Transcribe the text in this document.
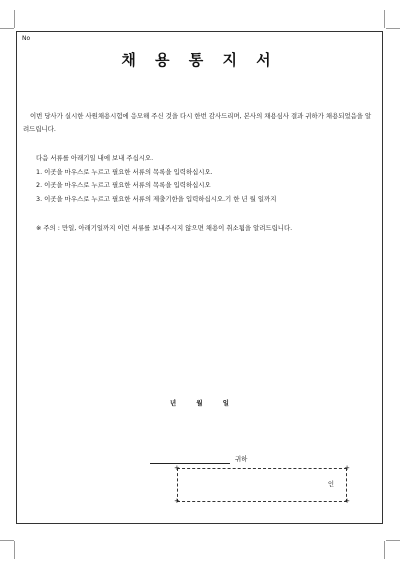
No
채 용 통 지 서
이번 당사가 실시한 사원채용시험에 응모해 주신 것을 다시 한번 감사드리며, 본사의 채용심사 결과 귀하가 채용되었음을 알려드립니다.
다음 서류를 아래기일 내에 보내 주십시오.
1. 이곳을 마우스로 누르고 필요한 서류의 목록을 입력하십시오.
2. 이곳을 마우스로 누르고 필요한 서류의 목록을 입력하십시오
3. 이곳을 마우스로 누르고 필요한 서류의 제출기한을 입력하십시오.기 한 년 월 일까지
※ 주의 : 만일, 아래기일까지 이런 서류를 보내주시지 않으면 채용이 취소됨을 알려드립니다.
년 월 일
귀하
+	+
+	+
인
